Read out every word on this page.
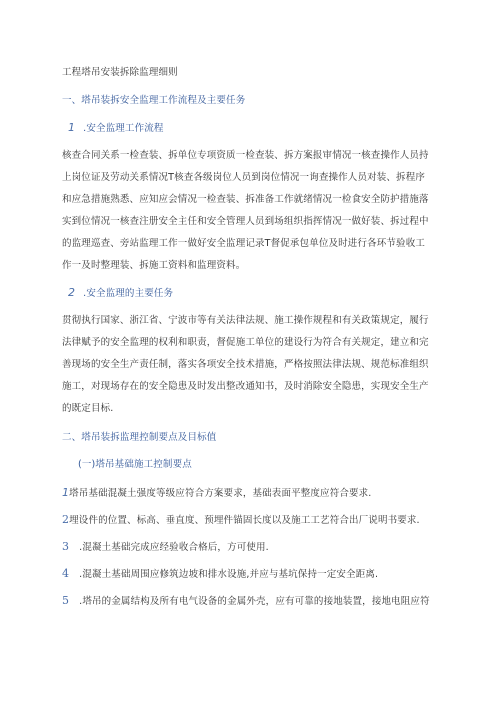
工程塔吊安装拆除监理细则
一、塔吊装拆安全监理工作流程及主要任务
1 .安全监理工作流程
核查合同关系一检查装、拆单位专项资质一检查装、拆方案报审情况一核查操作人员持
上岗位证及劳动关系情况T核查各级岗位人员到岗位情况一询查操作人员对装、拆程序
和应急措施熟悉、应知应会情况一检查装、拆准备工作就绪情况一检食安全防护措施落
实到位情况一核查注册安全主任和安全管理人员到场组织指挥情况一做好装、拆过程中
的监理巡查、旁站监理工作一做好安全监理记录T督促承包单位及时进行各环节验收工
作一及时整理装、拆施工资料和监理资料。
2 .安全监理的主要任务
贯彻执行国家、浙江省、宁波市等有关法律法规、施工操作规程和有关政策规定，履行
法律赋予的安全监理的权利和职责，督促施工单位的建设行为符合有关规定，建立和完
善现场的安全生产责任制，落实各项安全技术措施，严格按照法律法规、规范标准组织
施工，对现场存在的安全隐患及时发出整改通知书，及时消除安全隐患，实现安全生产
的既定目标.
二、塔吊装拆监理控制要点及目标值
(一)塔吊基础施工控制要点
1塔吊基础混凝土强度等级应符合方案要求，基础表面平整度应符合要求.
2埋设件的位置、标高、垂直度、预埋件锚固长度以及施工工艺符合出厂说明书要求.
3 .混凝土基础完成应经验收合格后，方可使用.
4 .混凝土基础周围应修筑边坡和排水设施,并应与基坑保持一定安全距离.
5 .塔吊的金属结构及所有电气设备的金属外壳，应有可靠的接地装置，接地电阻应符
